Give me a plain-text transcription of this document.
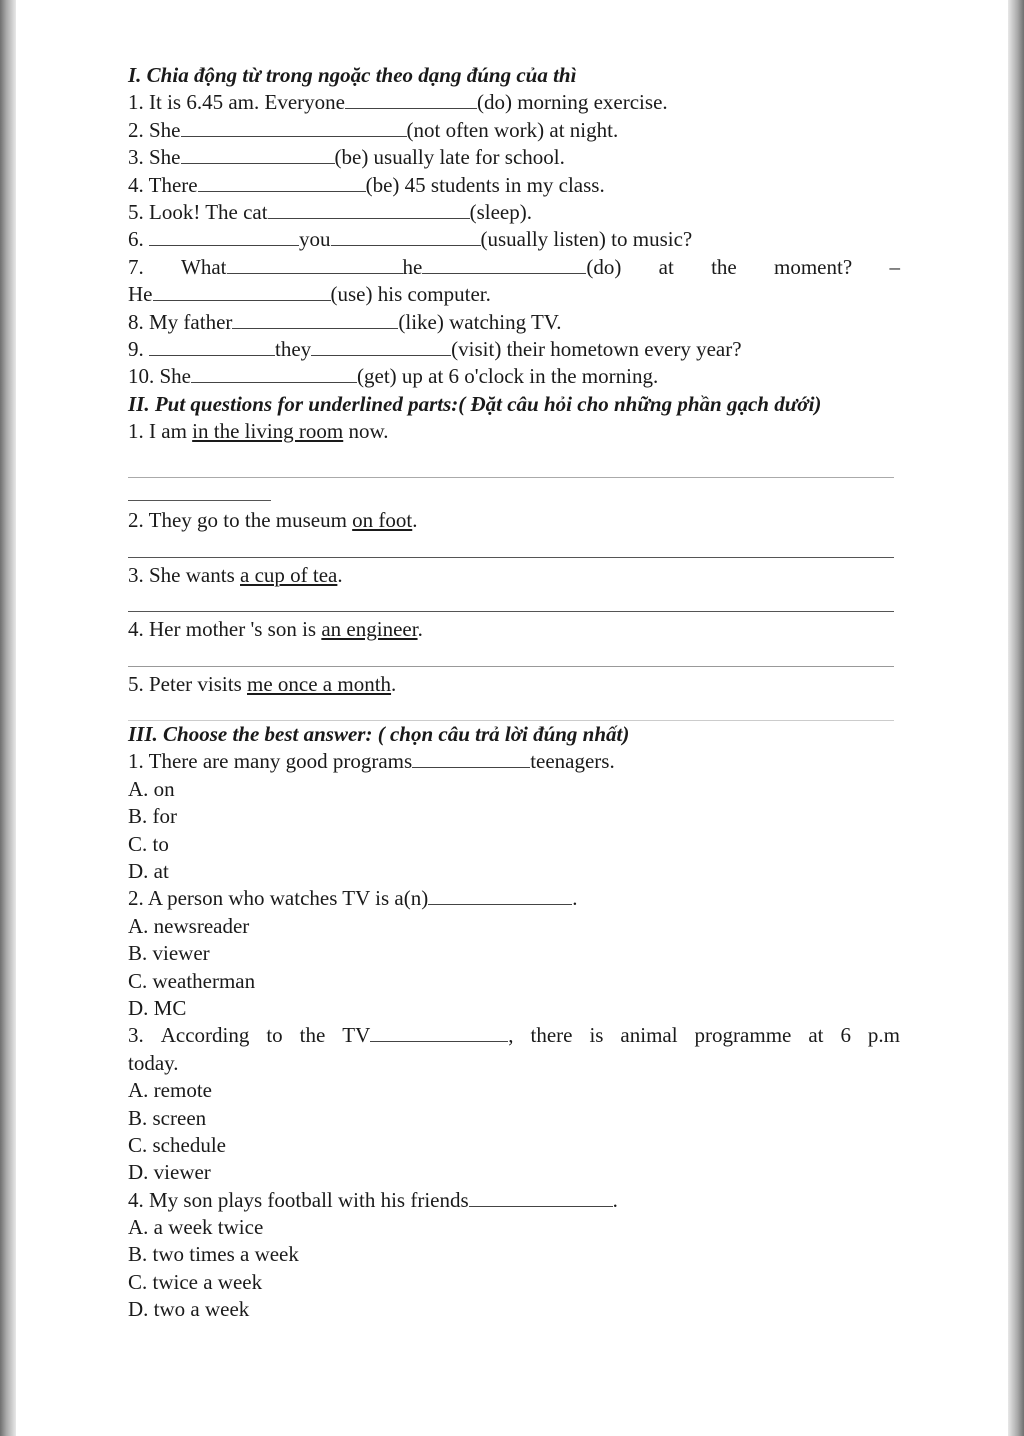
I. Chia động từ trong ngoặc theo dạng đúng của thì
1. It is 6.45 am. Everyone	(do) morning exercise.
2. She	(not often work) at night.
3. She	(be) usually late for school.
4. There	(be) 45 students in my class.
5. Look! The cat	(sleep).
6.	you	(usually listen) to music?
7. What	he	(do) at the moment? –
He	(use) his computer.
8. My father	(like) watching TV.
9.	they	(visit) their hometown every year?
10. She	(get) up at 6 o'clock in the morning.
II. Put questions for underlined parts:( Đặt câu hỏi cho những phần gạch dưới)
1. I am in the living room now.
2. They go to the museum on foot.
3. She wants a cup of tea.
4. Her mother 's son is an engineer.
5. Peter visits me once a month.
III. Choose the best answer: ( chọn câu trả lời đúng nhất)
1. There are many good programs	teenagers.
A. on
B. for
C. to
D. at
2. A person who watches TV is a(n)	.
A. newsreader
B. viewer
C. weatherman
D. MC
3. According to the TV	, there is animal programme at 6 p.m
today.
A. remote
B. screen
C. schedule
D. viewer
4. My son plays football with his friends	.
A. a week twice
B. two times a week
C. twice a week
D. two a week
